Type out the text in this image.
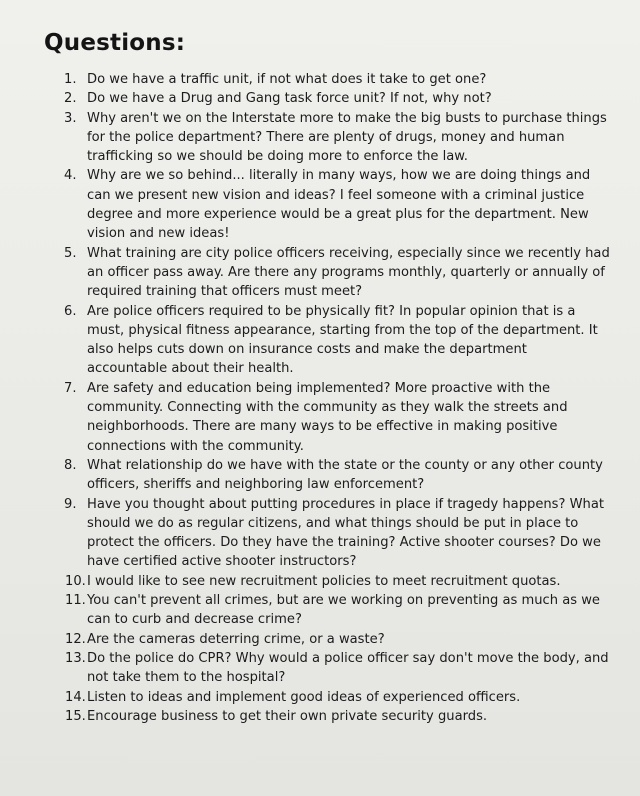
Questions:
1. Do we have a traffic unit, if not what does it take to get one?
2. Do we have a Drug and Gang task force unit? If not, why not?
3. Why aren't we on the Interstate more to make the big busts to purchase things for the police department? There are plenty of drugs, money and human trafficking so we should be doing more to enforce the law.
4. Why are we so behind... literally in many ways, how we are doing things and can we present new vision and ideas? I feel someone with a criminal justice degree and more experience would be a great plus for the department. New vision and new ideas!
5. What training are city police officers receiving, especially since we recently had an officer pass away. Are there any programs monthly, quarterly or annually of required training that officers must meet?
6. Are police officers required to be physically fit? In popular opinion that is a must, physical fitness appearance, starting from the top of the department. It also helps cuts down on insurance costs and make the department accountable about their health.
7. Are safety and education being implemented? More proactive with the community. Connecting with the community as they walk the streets and neighborhoods. There are many ways to be effective in making positive connections with the community.
8. What relationship do we have with the state or the county or any other county officers, sheriffs and neighboring law enforcement?
9. Have you thought about putting procedures in place if tragedy happens? What should we do as regular citizens, and what things should be put in place to protect the officers. Do they have the training? Active shooter courses? Do we have certified active shooter instructors?
10. I would like to see new recruitment policies to meet recruitment quotas.
11. You can't prevent all crimes, but are we working on preventing as much as we can to curb and decrease crime?
12. Are the cameras deterring crime, or a waste?
13. Do the police do CPR? Why would a police officer say don't move the body, and not take them to the hospital?
14. Listen to ideas and implement good ideas of experienced officers.
15. Encourage business to get their own private security guards.
